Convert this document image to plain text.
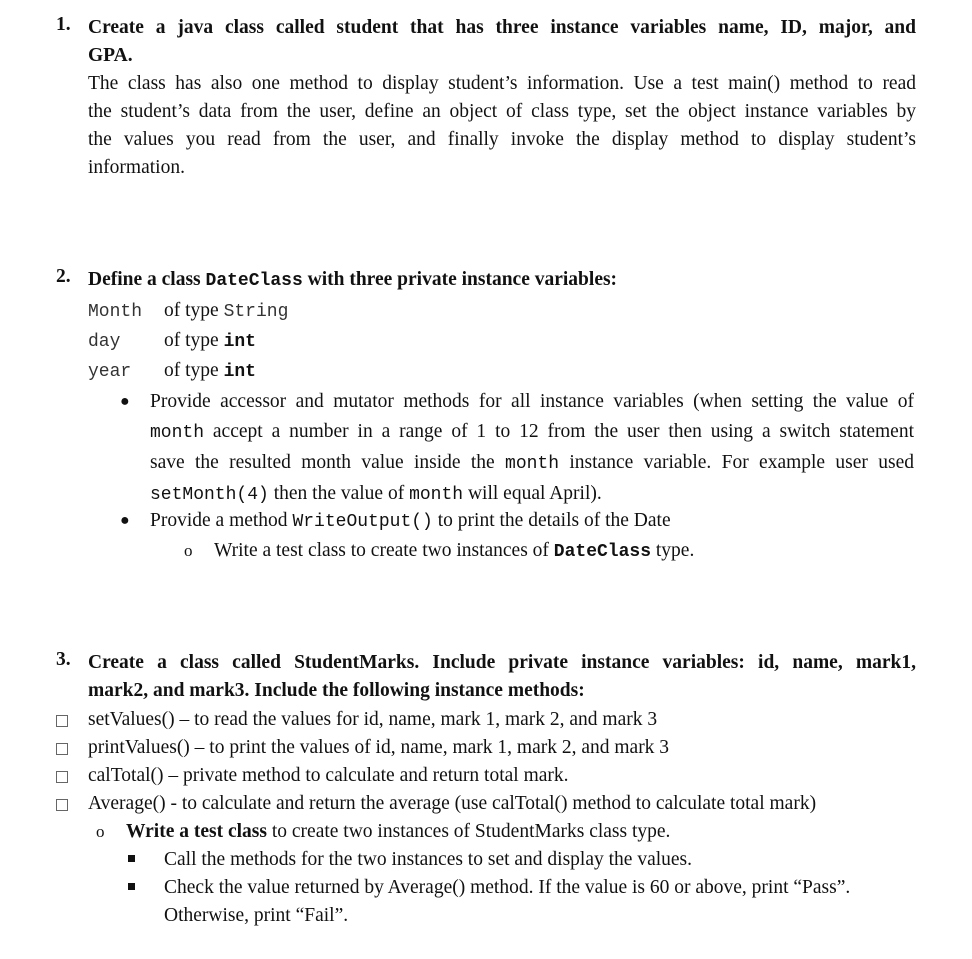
1. Create a java class called student that has three instance variables name, ID, major, and
GPA.
The class has also one method to display student’s information. Use a test main() method to read
the student’s data from the user, define an object of class type, set the object instance variables by
the values you read from the user, and finally invoke the display method to display student’s
information.
2. Define a class DateClass with three private instance variables:
Month of type String
day of type int
year of type int
● Provide accessor and mutator methods for all instance variables (when setting the value of
month accept a number in a range of 1 to 12 from the user then using a switch statement
save the resulted month value inside the month instance variable. For example user used
setMonth(4) then the value of month will equal April).
● Provide a method WriteOutput() to print the details of the Date
o Write a test class to create two instances of DateClass type.
3. Create a class called StudentMarks. Include private instance variables: id, name, mark1,
mark2, and mark3. Include the following instance methods:
setValues() – to read the values for id, name, mark 1, mark 2, and mark 3
printValues() – to print the values of id, name, mark 1, mark 2, and mark 3
calTotal() – private method to calculate and return total mark.
Average() - to calculate and return the average (use calTotal() method to calculate total mark)
o Write a test class to create two instances of StudentMarks class type.
Call the methods for the two instances to set and display the values.
Check the value returned by Average() method. If the value is 60 or above, print “Pass”.
Otherwise, print “Fail”.
